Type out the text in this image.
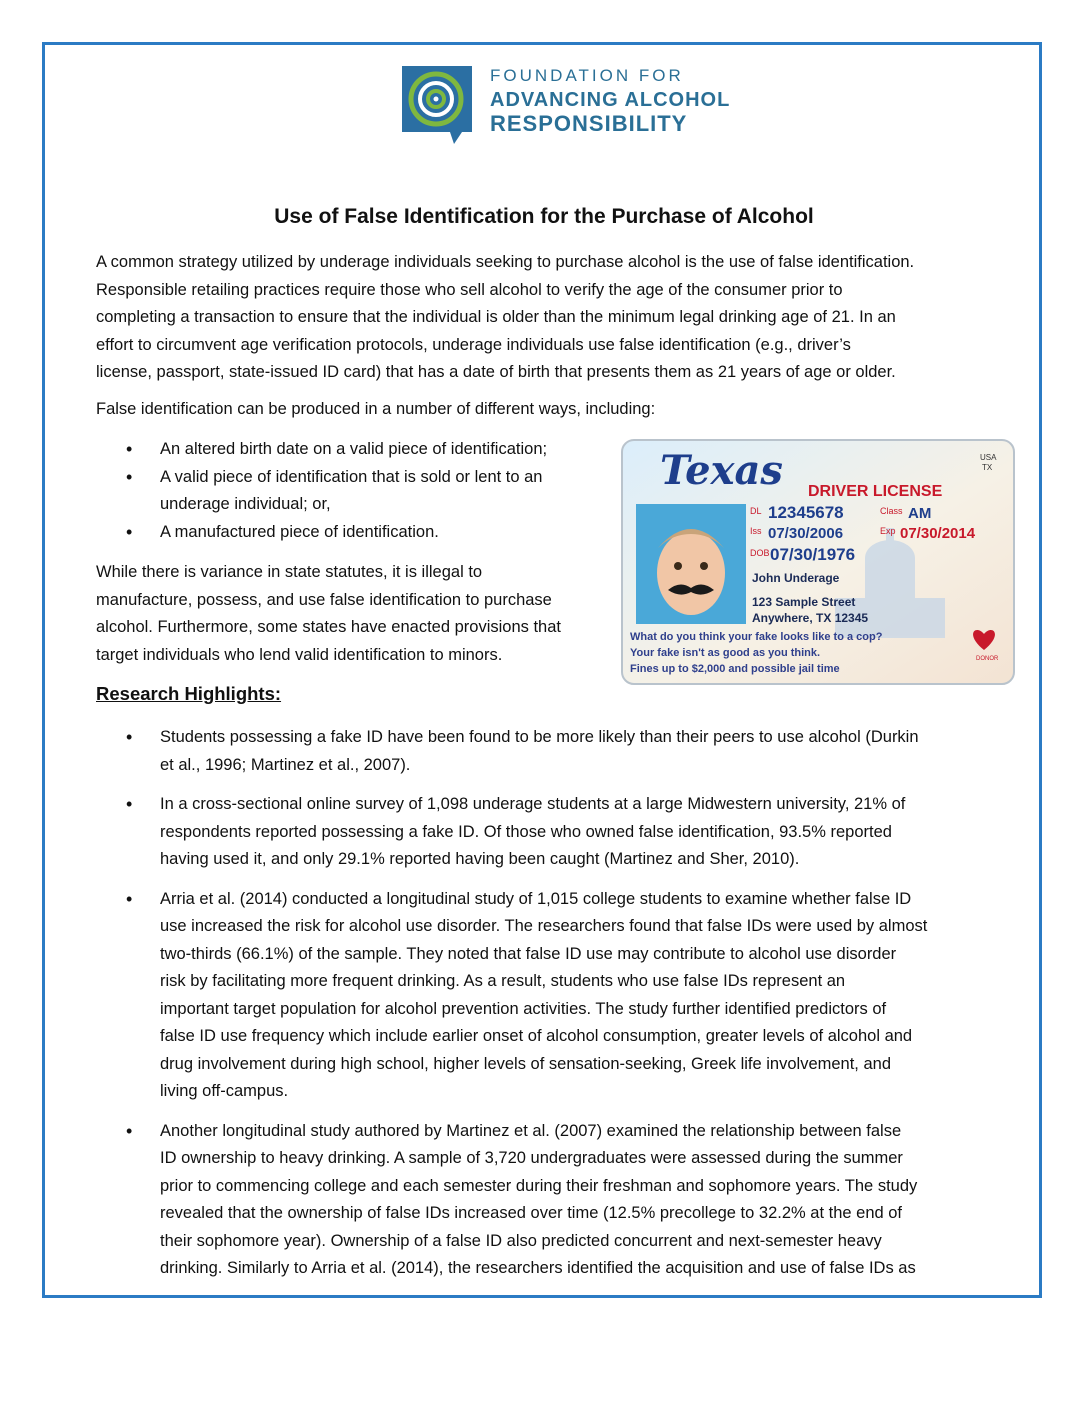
FOUNDATION FOR
ADVANCING ALCOHOL
RESPONSIBILITY
Use of False Identification for the Purchase of Alcohol

A common strategy utilized by underage individuals seeking to purchase alcohol is the use of false identification.
Responsible retailing practices require those who sell alcohol to verify the age of the consumer prior to
completing a transaction to ensure that the individual is older than the minimum legal drinking age of 21. In an
effort to circumvent age verification protocols, underage individuals use false identification (e.g., driver’s
license, passport, state-issued ID card) that has a date of birth that presents them as 21 years of age or older.

False identification can be produced in a number of different ways, including:

• An altered birth date on a valid piece of identification;
• A valid piece of identification that is sold or lent to an
underage individual; or,
• A manufactured piece of identification.

While there is variance in state statutes, it is illegal to
manufacture, possess, and use false identification to purchase
alcohol. Furthermore, some states have enacted provisions that
target individuals who lend valid identification to minors.

Texas DRIVER LICENSE
USA
TX
DL
Iss
DOB
Class
Exp
12345678
07/30/2006
07/30/1976
AM
07/30/2014
John Underage
123 Sample Street
Anywhere, TX 12345
What do you think your fake looks like to a cop?
Your fake isn't as good as you think.
Fines up to $2,000 and possible jail time
DONOR
Research Highlights:
• Students possessing a fake ID have been found to be more likely than their peers to use alcohol (Durkin
et al., 1996; Martinez et al., 2007).
• In a cross-sectional online survey of 1,098 underage students at a large Midwestern university, 21% of
respondents reported possessing a fake ID. Of those who owned false identification, 93.5% reported
having used it, and only 29.1% reported having been caught (Martinez and Sher, 2010).
• Arria et al. (2014) conducted a longitudinal study of 1,015 college students to examine whether false ID
use increased the risk for alcohol use disorder. The researchers found that false IDs were used by almost
two-thirds (66.1%) of the sample. They noted that false ID use may contribute to alcohol use disorder
risk by facilitating more frequent drinking. As a result, students who use false IDs represent an
important target population for alcohol prevention activities. The study further identified predictors of
false ID use frequency which include earlier onset of alcohol consumption, greater levels of alcohol and
drug involvement during high school, higher levels of sensation-seeking, Greek life involvement, and
living off-campus.
• Another longitudinal study authored by Martinez et al. (2007) examined the relationship between false
ID ownership to heavy drinking. A sample of 3,720 undergraduates were assessed during the summer
prior to commencing college and each semester during their freshman and sophomore years. The study
revealed that the ownership of false IDs increased over time (12.5% precollege to 32.2% at the end of
their sophomore year). Ownership of a false ID also predicted concurrent and next-semester heavy
drinking. Similarly to Arria et al. (2014), the researchers identified the acquisition and use of false IDs as
